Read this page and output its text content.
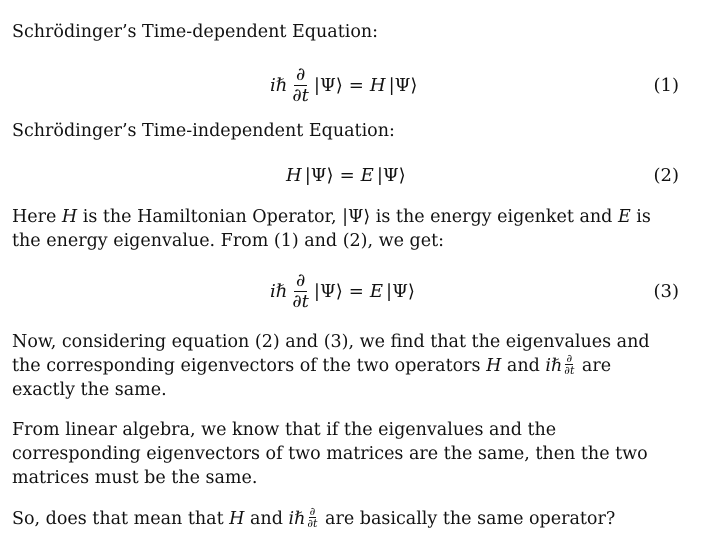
Schrödinger’s Time-dependent Equation:

i ℏ $\frac{\partial}{\partial t}$ |Ψ⟩ = H |Ψ⟩	(1)

Schrödinger’s Time-independent Equation:

H |Ψ⟩ = E |Ψ⟩	(2)

Here H is the Hamiltonian Operator, |Ψ⟩ is the energy eigenket and E is the energy eigenvalue. From (1) and (2), we get:

i ℏ $\frac{\partial}{\partial t}$ |Ψ⟩ = E |Ψ⟩	(3)

Now, considering equation (2) and (3), we find that the eigenvalues and the corresponding eigenvectors of the two operators H and iℏ $\frac{\partial}{\partial t}$ are exactly the same.

From linear algebra, we know that if the eigenvalues and the corresponding eigenvectors of two matrices are the same, then the two matrices must be the same.

So, does that mean that H and iℏ $\frac{\partial}{\partial t}$ are basically the same operator?
